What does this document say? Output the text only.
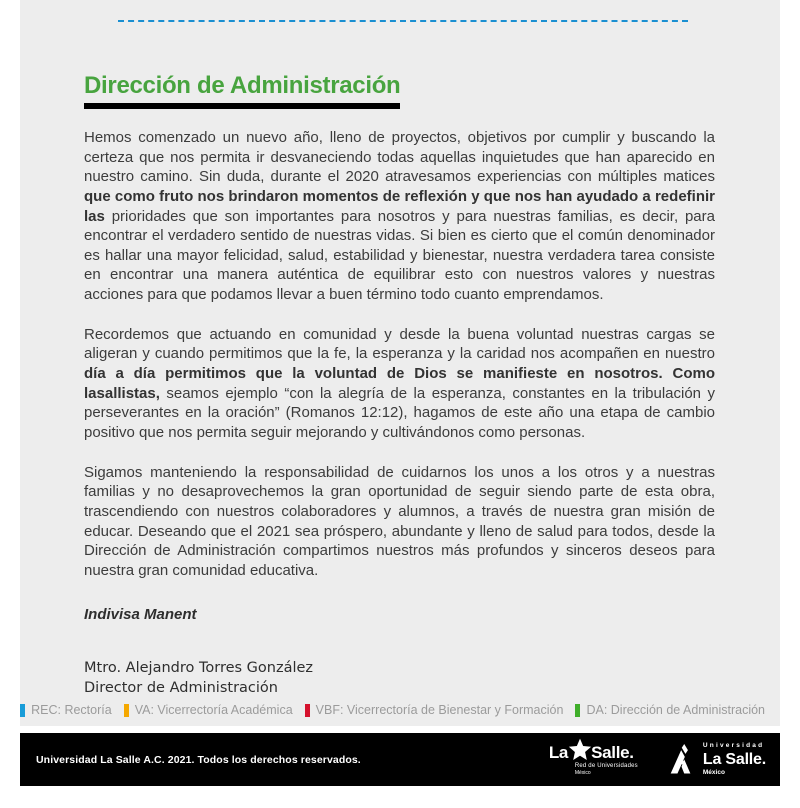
Dirección de Administración

Hemos comenzado un nuevo año, lleno de proyectos, objetivos por cumplir y buscando la certeza que nos permita ir desvaneciendo todas aquellas inquietudes que han aparecido en nuestro camino. Sin duda, durante el 2020 atravesamos experiencias con múltiples matices que como fruto nos brindaron momentos de reflexión y que nos han ayudado a redefinir las prioridades que son importantes para nosotros y para nuestras familias, es decir, para encontrar el verdadero sentido de nuestras vidas. Si bien es cierto que el común denominador es hallar una mayor felicidad, salud, estabilidad y bienestar, nuestra verdadera tarea consiste en encontrar una manera auténtica de equilibrar esto con nuestros valores y nuestras acciones para que podamos llevar a buen término todo cuanto emprendamos.

Recordemos que actuando en comunidad y desde la buena voluntad nuestras cargas se aligeran y cuando permitimos que la fe, la esperanza y la caridad nos acompañen en nuestro día a día permitimos que la voluntad de Dios se manifieste en nosotros. Como lasallistas, seamos ejemplo “con la alegría de la esperanza, constantes en la tribulación y perseverantes en la oración” (Romanos 12:12), hagamos de este año una etapa de cambio positivo que nos permita seguir mejorando y cultivándonos como personas.

Sigamos manteniendo la responsabilidad de cuidarnos los unos a los otros y a nuestras familias y no desaprovechemos la gran oportunidad de seguir siendo parte de esta obra, trascendiendo con nuestros colaboradores y alumnos, a través de nuestra gran misión de educar. Deseando que el 2021 sea próspero, abundante y lleno de salud para todos, desde la Dirección de Administración compartimos nuestros más profundos y sinceros deseos para nuestra gran comunidad educativa.

Indivisa Manent

Mtro. Alejandro Torres González
Director de Administración
REC: Rectoría VA: Vicerrectoría Académica VBF: Vicerrectoría de Bienestar y Formación DA: Dirección de Administración
Universidad La Salle A.C. 2021. Todos los derechos reservados.	La Salle.
Red de Universidades
México
Universidad
La Salle.
México
